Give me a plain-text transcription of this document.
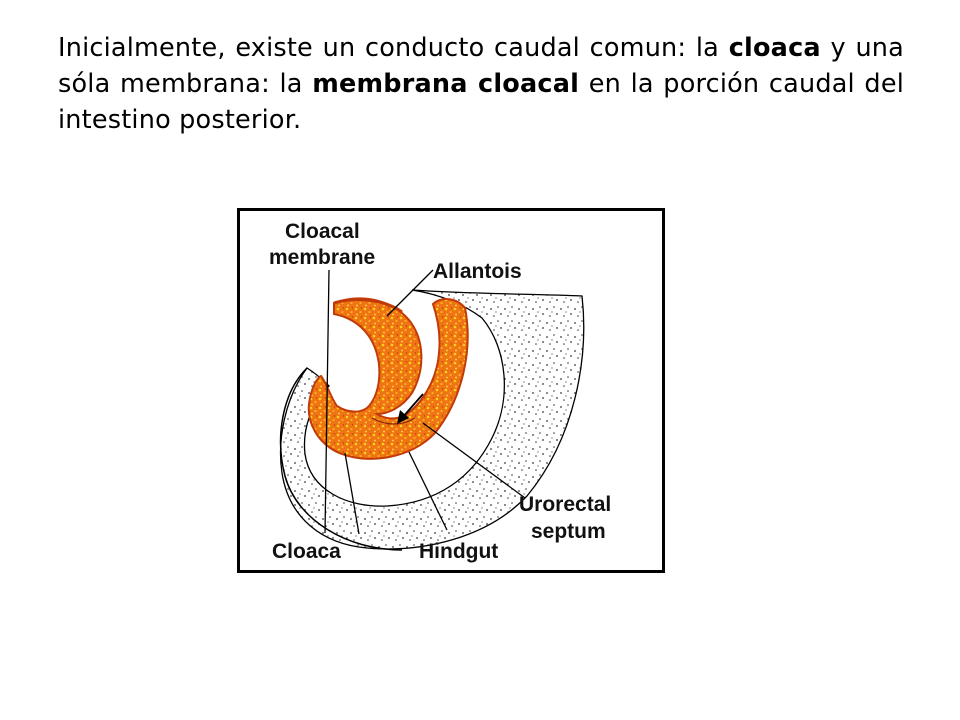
Inicialmente, existe un conducto caudal comun: la cloaca y una sóla membrana: la membrana cloacal en la porción caudal del intestino posterior.
Cloacal
membrane
Allantois
Urorectal
septum
Cloaca	Hindgut
